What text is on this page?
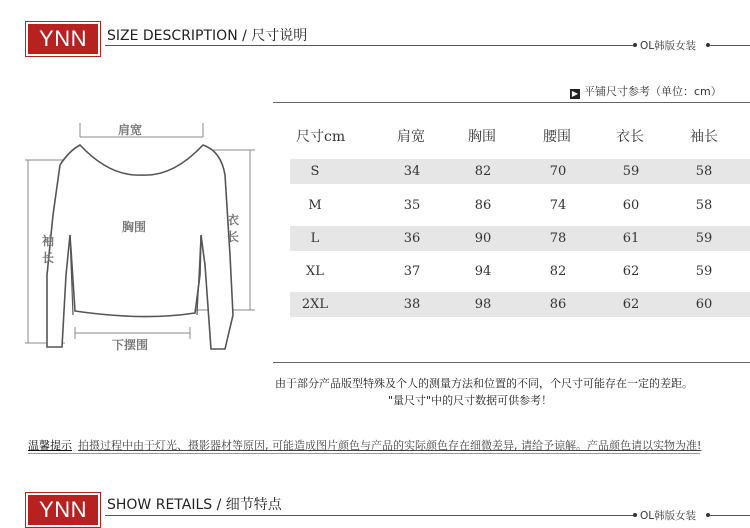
YNN	SIZE DESCRIPTION / 尺寸说明
OL韩版女装
▶ 平铺尺寸参考（单位：cm）
肩宽
胸围	衣长
袖长
下摆围
尺寸cm	肩宽	胸围	腰围	衣长	袖长
S	34	82	70	59	58
M	35	86	74	60	58
L	36	90	78	61	59
XL	37	94	82	62	59
2XL	38	98	86	62	60
由于部分产品版型特殊及个人的测量方法和位置的不同，个尺寸可能存在一定的差距。
"量尺寸"中的尺寸数据可供参考！
温馨提示 拍摄过程中由于灯光、摄影器材等原因, 可能造成图片颜色与产品的实际颜色存在细微差异, 请给予谅解。产品颜色请以实物为准!
YNN	SHOW RETAILS / 细节特点
OL韩版女装
